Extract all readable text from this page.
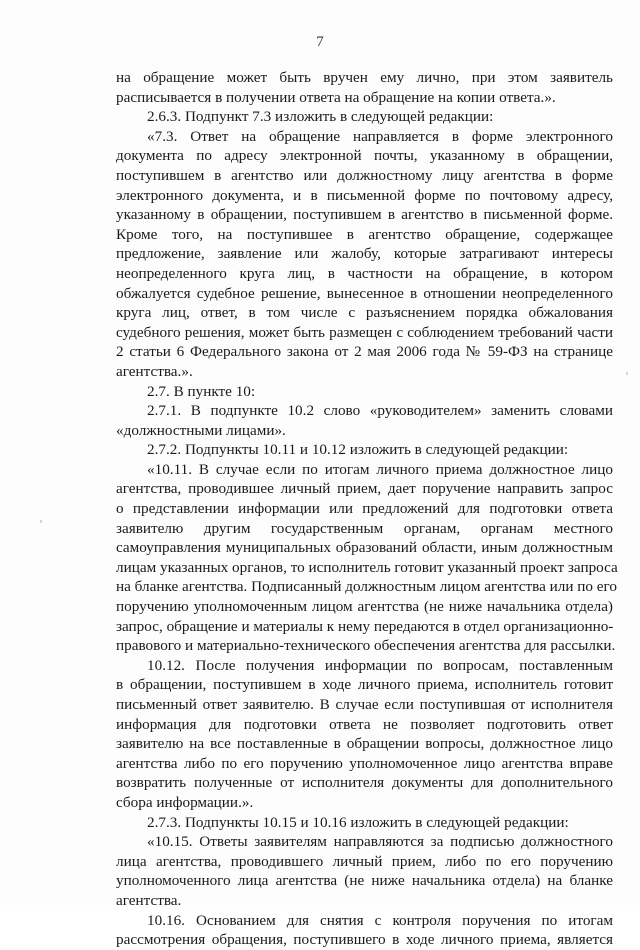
7
на обращение может быть вручен ему лично, при этом заявитель
расписывается в получении ответа на обращение на копии ответа.».
2.6.3. Подпункт 7.3 изложить в следующей редакции:
«7.3. Ответ на обращение направляется в форме электронного
документа по адресу электронной почты, указанному в обращении,
поступившем в агентство или должностному лицу агентства в форме
электронного документа, и в письменной форме по почтовому адресу,
указанному в обращении, поступившем в агентство в письменной форме.
Кроме того, на поступившее в агентство обращение, содержащее
предложение, заявление или жалобу, которые затрагивают интересы
неопределенного круга лиц, в частности на обращение, в котором
обжалуется судебное решение, вынесенное в отношении неопределенного
круга лиц, ответ, в том числе с разъяснением порядка обжалования
судебного решения, может быть размещен с соблюдением требований части
2 статьи 6 Федерального закона от 2 мая 2006 года № 59-ФЗ на странице
агентства.».
2.7. В пункте 10:
2.7.1. В подпункте 10.2 слово «руководителем» заменить словами
«должностными лицами».
2.7.2. Подпункты 10.11 и 10.12 изложить в следующей редакции:
«10.11. В случае если по итогам личного приема должностное лицо
агентства, проводившее личный прием, дает поручение направить запрос
о представлении информации или предложений для подготовки ответа
заявителю другим государственным органам, органам местного
самоуправления муниципальных образований области, иным должностным
лицам указанных органов, то исполнитель готовит указанный проект запроса
на бланке агентства. Подписанный должностным лицом агентства или по его
поручению уполномоченным лицом агентства (не ниже начальника отдела)
запрос, обращение и материалы к нему передаются в отдел организационно-
правового и материально-технического обеспечения агентства для рассылки.
10.12. После получения информации по вопросам, поставленным
в обращении, поступившем в ходе личного приема, исполнитель готовит
письменный ответ заявителю. В случае если поступившая от исполнителя
информация для подготовки ответа не позволяет подготовить ответ
заявителю на все поставленные в обращении вопросы, должностное лицо
агентства либо по его поручению уполномоченное лицо агентства вправе
возвратить полученные от исполнителя документы для дополнительного
сбора информации.».
2.7.3. Подпункты 10.15 и 10.16 изложить в следующей редакции:
«10.15. Ответы заявителям направляются за подписью должностного
лица агентства, проводившего личный прием, либо по его поручению
уполномоченного лица агентства (не ниже начальника отдела) на бланке
агентства.
10.16. Основанием для снятия с контроля поручения по итогам
рассмотрения обращения, поступившего в ходе личного приема, является
